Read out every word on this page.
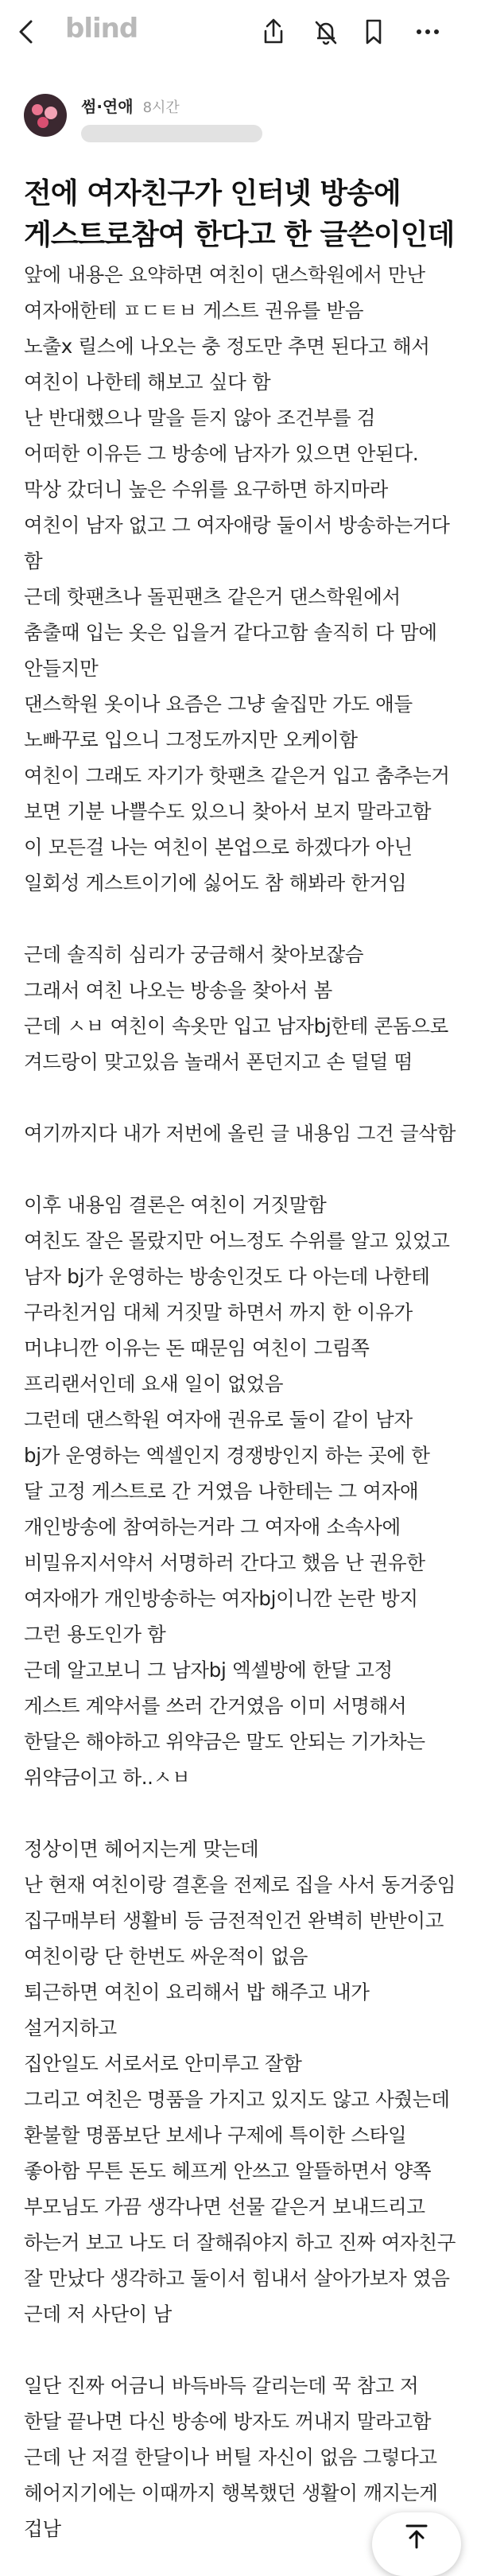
blind
썸·연애 8시간
전에 여자친구가 인터넷 방송에
게스트로참여 한다고 한 글쓴이인데
앞에 내용은 요약하면 여친이 댄스학원에서 만난
여자애한테 ㅍㄷㅌㅂ 게스트 권유를 받음
노출x 릴스에 나오는 충 정도만 추면 된다고 해서
여친이 나한테 해보고 싶다 함
난 반대했으나 말을 듣지 않아 조건부를 검
어떠한 이유든 그 방송에 남자가 있으면 안된다.
막상 갔더니 높은 수위를 요구하면 하지마라
여친이 남자 없고 그 여자애랑 둘이서 방송하는거다
함
근데 핫팬츠나 돌핀팬츠 같은거 댄스학원에서
춤출때 입는 옷은 입을거 같다고함 솔직히 다 맘에
안들지만
댄스학원 옷이나 요즘은 그냥 술집만 가도 애들
노빠꾸로 입으니 그정도까지만 오케이함
여친이 그래도 자기가 핫팬츠 같은거 입고 춤추는거
보면 기분 나쁠수도 있으니 찾아서 보지 말라고함
이 모든걸 나는 여친이 본업으로 하겠다가 아닌
일회성 게스트이기에 싫어도 참 해봐라 한거임
근데 솔직히 심리가 궁금해서 찾아보잖슴
그래서 여친 나오는 방송을 찾아서 봄
근데 ㅅㅂ 여친이 속옷만 입고 남자bj한테 콘돔으로
겨드랑이 맞고있음 놀래서 폰던지고 손 덜덜 떰
여기까지다 내가 저번에 올린 글 내용임 그건 글삭함
이후 내용임 결론은 여친이 거짓말함
여친도 잘은 몰랐지만 어느정도 수위를 알고 있었고
남자 bj가 운영하는 방송인것도 다 아는데 나한테
구라친거임 대체 거짓말 하면서 까지 한 이유가
머냐니깐 이유는 돈 때문임 여친이 그림쪽
프리랜서인데 요새 일이 없었음
그런데 댄스학원 여자애 권유로 둘이 같이 남자
bj가 운영하는 엑셀인지 경쟁방인지 하는 곳에 한
달 고정 게스트로 간 거였음 나한테는 그 여자애
개인방송에 참여하는거라 그 여자애 소속사에
비밀유지서약서 서명하러 간다고 했음 난 권유한
여자애가 개인방송하는 여자bj이니깐 논란 방지
그런 용도인가 함
근데 알고보니 그 남자bj 엑셀방에 한달 고정
게스트 계약서를 쓰러 간거였음 이미 서명해서
한달은 해야하고 위약금은 말도 안되는 기가차는
위약금이고 하..ㅅㅂ
정상이면 헤어지는게 맞는데
난 현재 여친이랑 결혼을 전제로 집을 사서 동거중임
집구매부터 생활비 등 금전적인건 완벽히 반반이고
여친이랑 단 한번도 싸운적이 없음
퇴근하면 여친이 요리해서 밥 해주고 내가
설거지하고
집안일도 서로서로 안미루고 잘함
그리고 여친은 명품을 가지고 있지도 않고 사줬는데
환불할 명품보단 보세나 구제에 특이한 스타일
좋아함 무튼 돈도 헤프게 안쓰고 알뜰하면서 양쪽
부모님도 가끔 생각나면 선물 같은거 보내드리고
하는거 보고 나도 더 잘해줘야지 하고 진짜 여자친구
잘 만났다 생각하고 둘이서 힘내서 살아가보자 였음
근데 저 사단이 남
일단 진짜 어금니 바득바득 갈리는데 꾹 참고 저
한달 끝나면 다신 방송에 방자도 꺼내지 말라고함
근데 난 저걸 한달이나 버틸 자신이 없음 그렇다고
헤어지기에는 이때까지 행복했던 생활이 깨지는게
겁남
